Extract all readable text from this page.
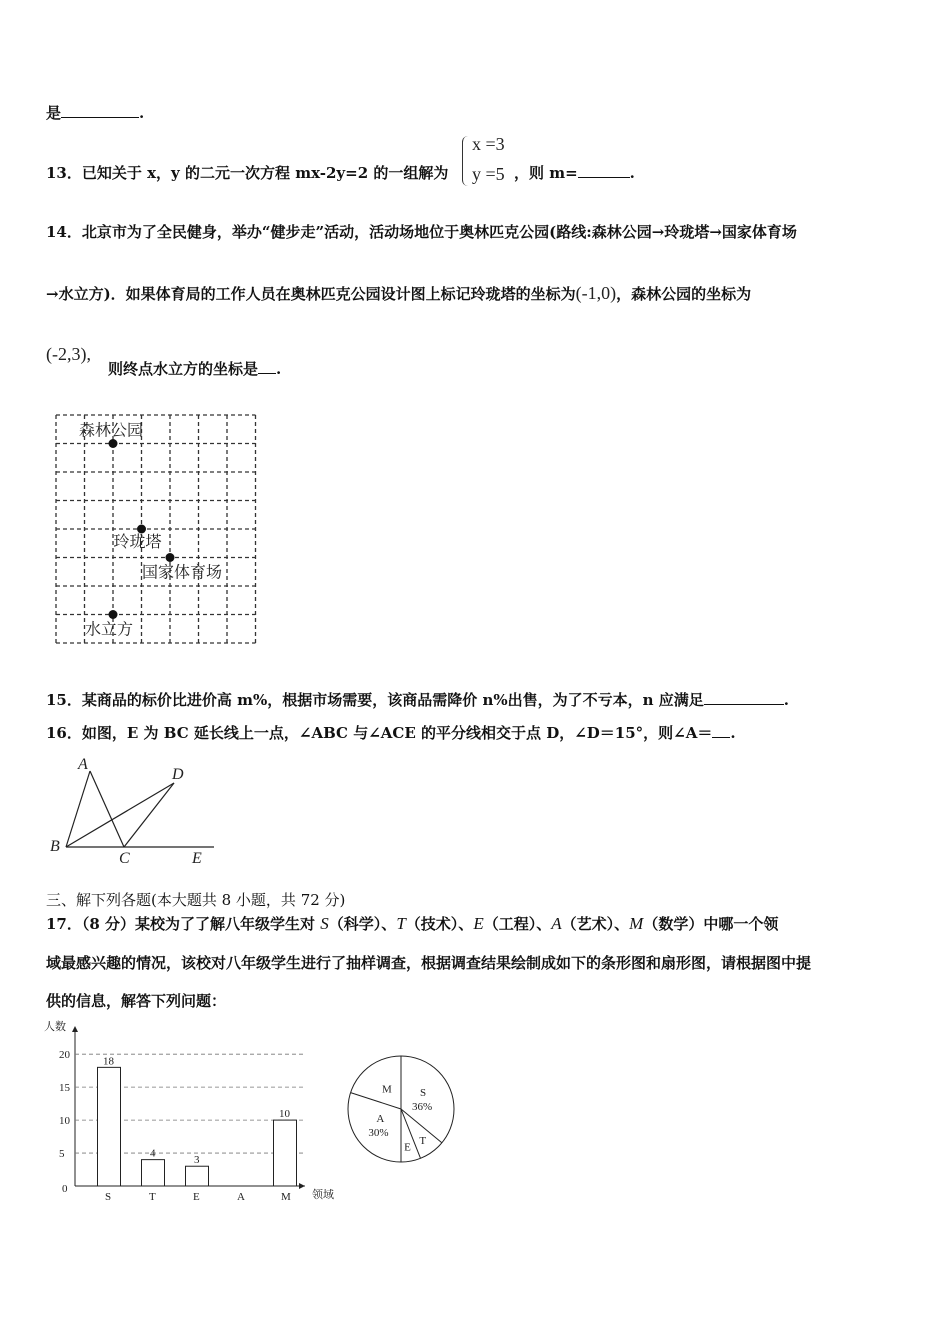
是	.
13．已知关于 x，y 的二元一次方程 mx-2y=2 的一组解为
x =3
y =5 ，则 m=	.
14．北京市为了全民健身，举办“健步走”活动，活动场地位于奥林匹克公园(路线:森林公园→玲珑塔→国家体育场
→水立方)．如果体育局的工作人员在奥林匹克公园设计图上标记玲珑塔的坐标为(-1,0)，森林公园的坐标为
(-2,3),
则终点水立方的坐标是 .
森林公园
玲珑塔
国家体育场
水立方
15．某商品的标价比进价高 m%，根据市场需要，该商品需降价 n%出售，为了不亏本，n 应满足	.
16．如图，E 为 BC 延长线上一点，∠ABC 与∠ACE 的平分线相交于点 D，∠D＝15°，则∠A＝ .
A
B
C
D
E
三、解下列各题(本大题共 8 小题，共 72 分)
17．（8 分）某校为了了解八年级学生对 S（科学）、T（技术）、E（工程）、A（艺术）、M（数学）中哪一个领
域最感兴趣的情况，该校对八年级学生进行了抽样调查，根据调查结果绘制成如下的条形图和扇形图，请根据图中提
供的信息，解答下列问题：
人数
领域
0
5
10
15
20
S
18
T
4
E
3
A	M
10
S
36%
T
E
A
30%
M
